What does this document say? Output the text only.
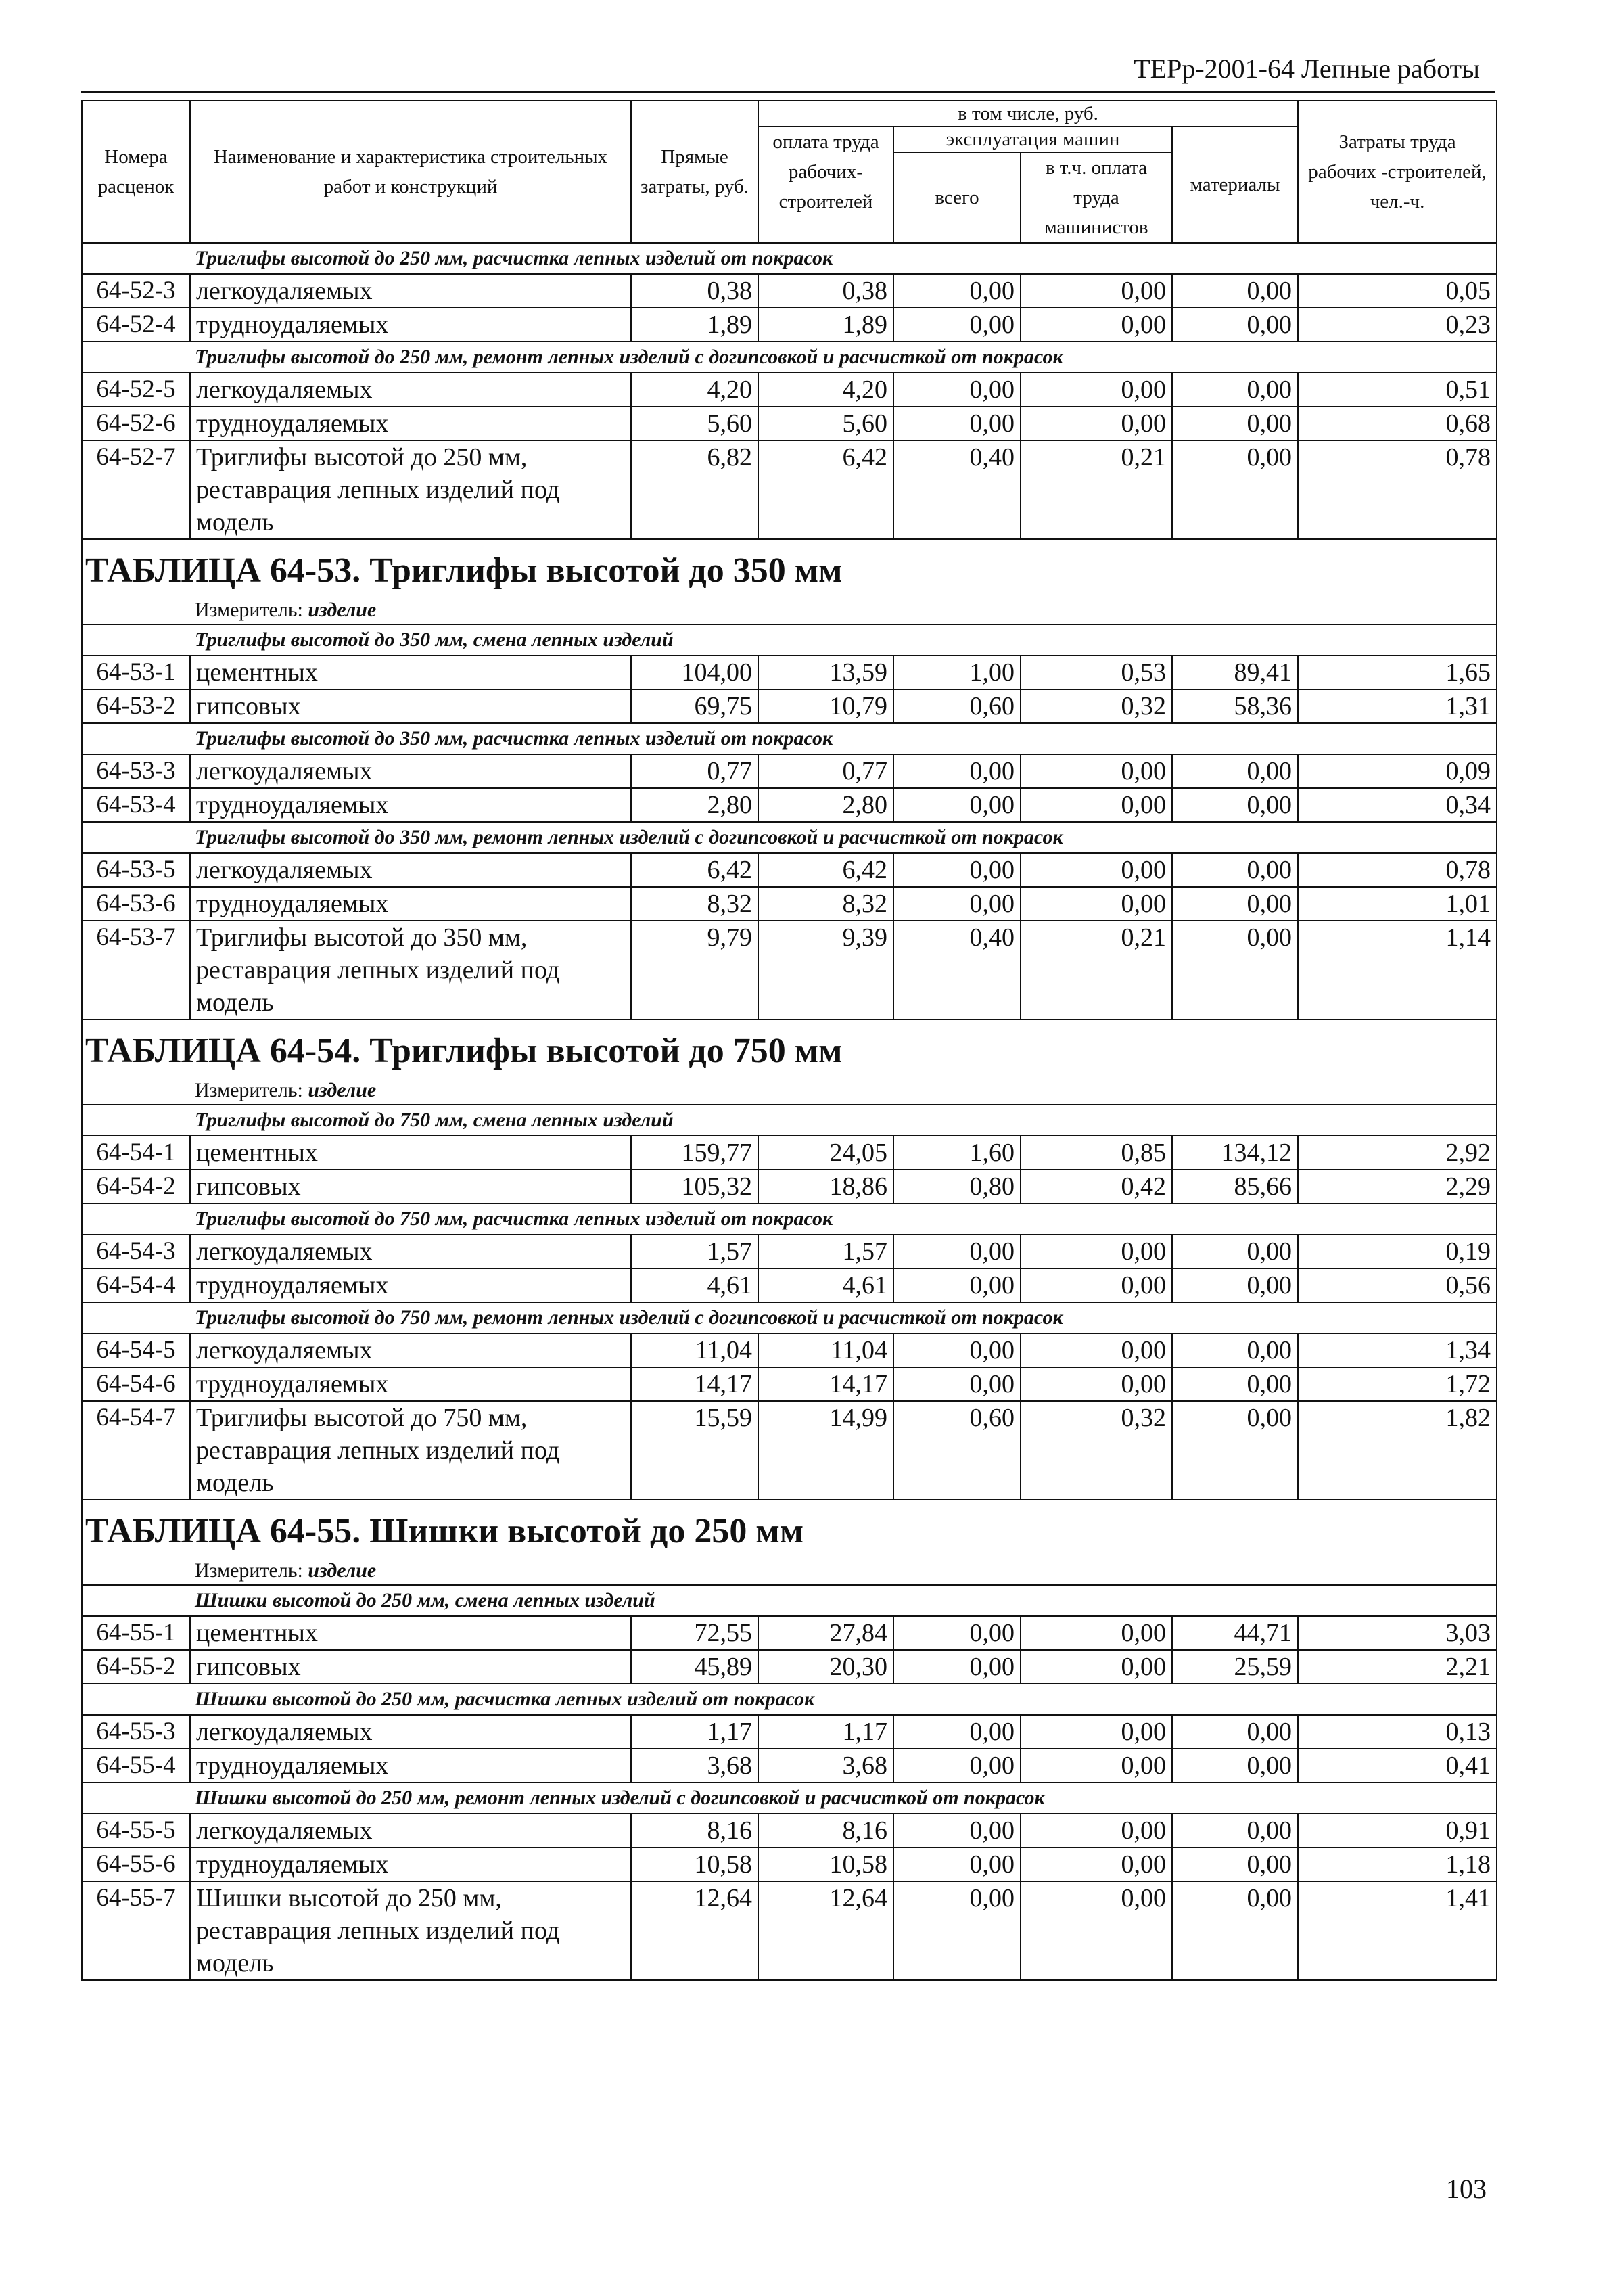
ТЕРр-2001-64 Лепные работы
Номера расценок	Наименование и характеристика строительных работ и конструкций	Прямые затраты, руб.	в том числе, руб.				Затраты труда рабочих -строителей, чел.-ч.
			оплата труда рабочих-строителей	эксплуатация машин		материалы	
				всего	в т.ч. оплата труда машинистов		
Триглифы высотой до 250 мм, расчистка лепных изделий от покрасок							
64-52-3	легкоудаляемых	0,38	0,38	0,00	0,00	0,00	0,05
64-52-4	трудноудаляемых	1,89	1,89	0,00	0,00	0,00	0,23
Триглифы высотой до 250 мм, ремонт лепных изделий с догипсовкой и расчисткой от покрасок							
64-52-5	легкоудаляемых	4,20	4,20	0,00	0,00	0,00	0,51
64-52-6	трудноудаляемых	5,60	5,60	0,00	0,00	0,00	0,68
64-52-7	Триглифы высотой до 250 мм, реставрация лепных изделий под модель	6,82	6,42	0,40	0,21	0,00	0,78
ТАБЛИЦА 64-53. Триглифы высотой до 350 мм							
Измеритель: изделие							
Триглифы высотой до 350 мм, смена лепных изделий							
64-53-1	цементных	104,00	13,59	1,00	0,53	89,41	1,65
64-53-2	гипсовых	69,75	10,79	0,60	0,32	58,36	1,31
Триглифы высотой до 350 мм, расчистка лепных изделий от покрасок							
64-53-3	легкоудаляемых	0,77	0,77	0,00	0,00	0,00	0,09
64-53-4	трудноудаляемых	2,80	2,80	0,00	0,00	0,00	0,34
Триглифы высотой до 350 мм, ремонт лепных изделий с догипсовкой и расчисткой от покрасок							
64-53-5	легкоудаляемых	6,42	6,42	0,00	0,00	0,00	0,78
64-53-6	трудноудаляемых	8,32	8,32	0,00	0,00	0,00	1,01
64-53-7	Триглифы высотой до 350 мм, реставрация лепных изделий под модель	9,79	9,39	0,40	0,21	0,00	1,14
ТАБЛИЦА 64-54. Триглифы высотой до 750 мм							
Измеритель: изделие							
Триглифы высотой до 750 мм, смена лепных изделий							
64-54-1	цементных	159,77	24,05	1,60	0,85	134,12	2,92
64-54-2	гипсовых	105,32	18,86	0,80	0,42	85,66	2,29
Триглифы высотой до 750 мм, расчистка лепных изделий от покрасок							
64-54-3	легкоудаляемых	1,57	1,57	0,00	0,00	0,00	0,19
64-54-4	трудноудаляемых	4,61	4,61	0,00	0,00	0,00	0,56
Триглифы высотой до 750 мм, ремонт лепных изделий с догипсовкой и расчисткой от покрасок							
64-54-5	легкоудаляемых	11,04	11,04	0,00	0,00	0,00	1,34
64-54-6	трудноудаляемых	14,17	14,17	0,00	0,00	0,00	1,72
64-54-7	Триглифы высотой до 750 мм, реставрация лепных изделий под модель	15,59	14,99	0,60	0,32	0,00	1,82
ТАБЛИЦА 64-55. Шишки высотой до 250 мм							
Измеритель: изделие							
Шишки высотой до 250 мм, смена лепных изделий							
64-55-1	цементных	72,55	27,84	0,00	0,00	44,71	3,03
64-55-2	гипсовых	45,89	20,30	0,00	0,00	25,59	2,21
Шишки высотой до 250 мм, расчистка лепных изделий от покрасок							
64-55-3	легкоудаляемых	1,17	1,17	0,00	0,00	0,00	0,13
64-55-4	трудноудаляемых	3,68	3,68	0,00	0,00	0,00	0,41
Шишки высотой до 250 мм, ремонт лепных изделий с догипсовкой и расчисткой от покрасок							
64-55-5	легкоудаляемых	8,16	8,16	0,00	0,00	0,00	0,91
64-55-6	трудноудаляемых	10,58	10,58	0,00	0,00	0,00	1,18
64-55-7	Шишки высотой до 250 мм, реставрация лепных изделий под модель	12,64	12,64	0,00	0,00	0,00	1,41
103
